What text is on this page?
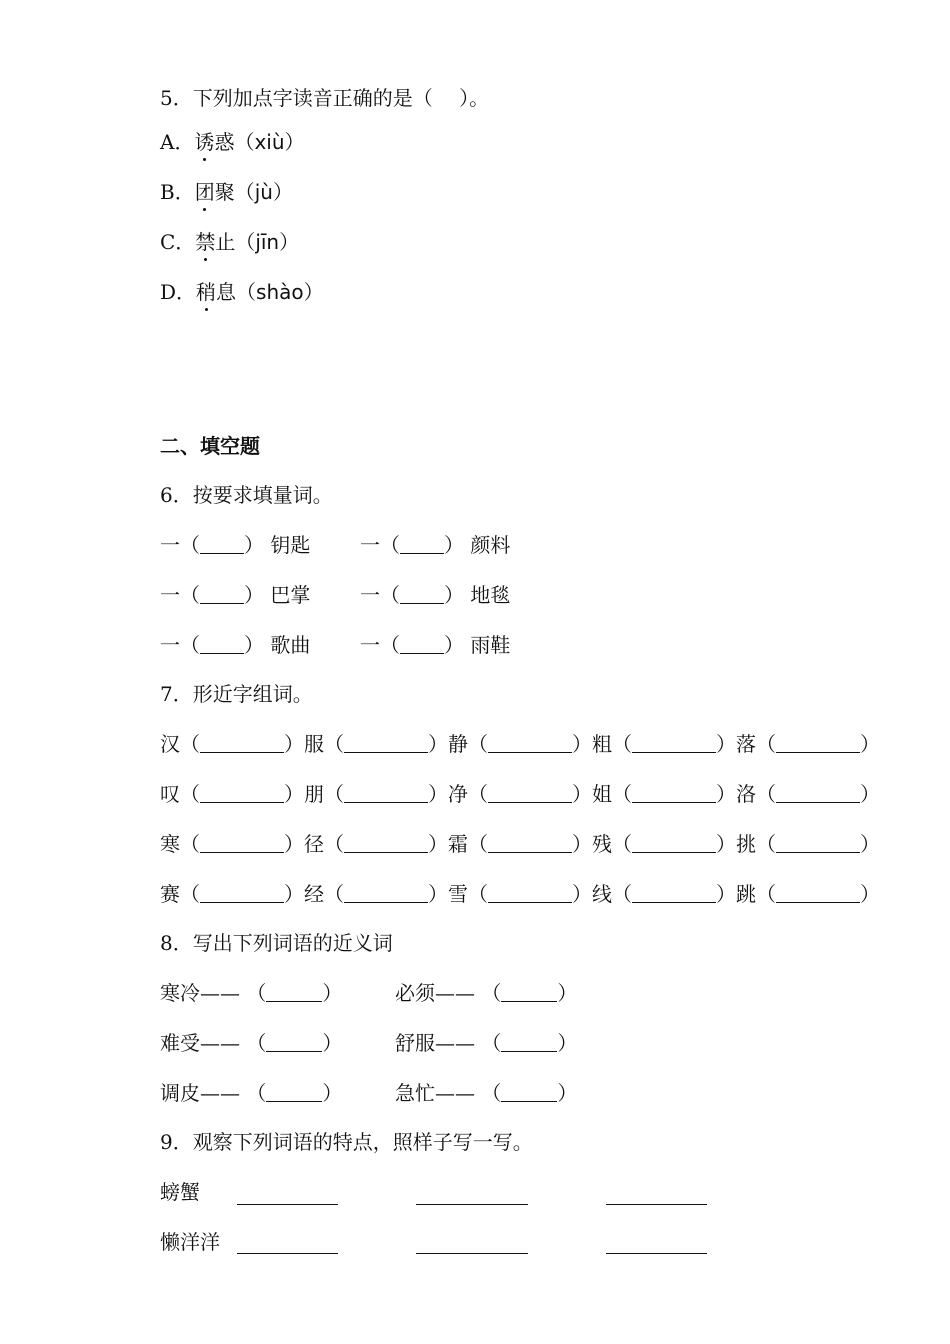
5．下列加点字读音正确的是（　 ）。
A．诱惑（xiù）
B．团聚（jù）
C．禁止（jīn）
D．稍息（shào）
二、填空题
6．按要求填量词。
一（ ） 钥匙 一（ ） 颜料
一（ ） 巴掌 一（ ） 地毯
一（ ） 歌曲 一（ ） 雨鞋
7．形近字组词。
汉（	）服（	）静（	）粗（	）落（	）
叹（	）朋（	）净（	）姐（	）洛（	）
寒（	）径（	）霜（	）残（	）挑（	）
赛（	）经（	）雪（	）线（	）跳（	）
8．写出下列词语的近义词
寒冷—— （	）	必须—— （	）
难受—— （	）	舒服—— （	）
调皮—— （	）	急忙—— （	）
9．观察下列词语的特点，照样子写一写。
螃蟹
懒洋洋
